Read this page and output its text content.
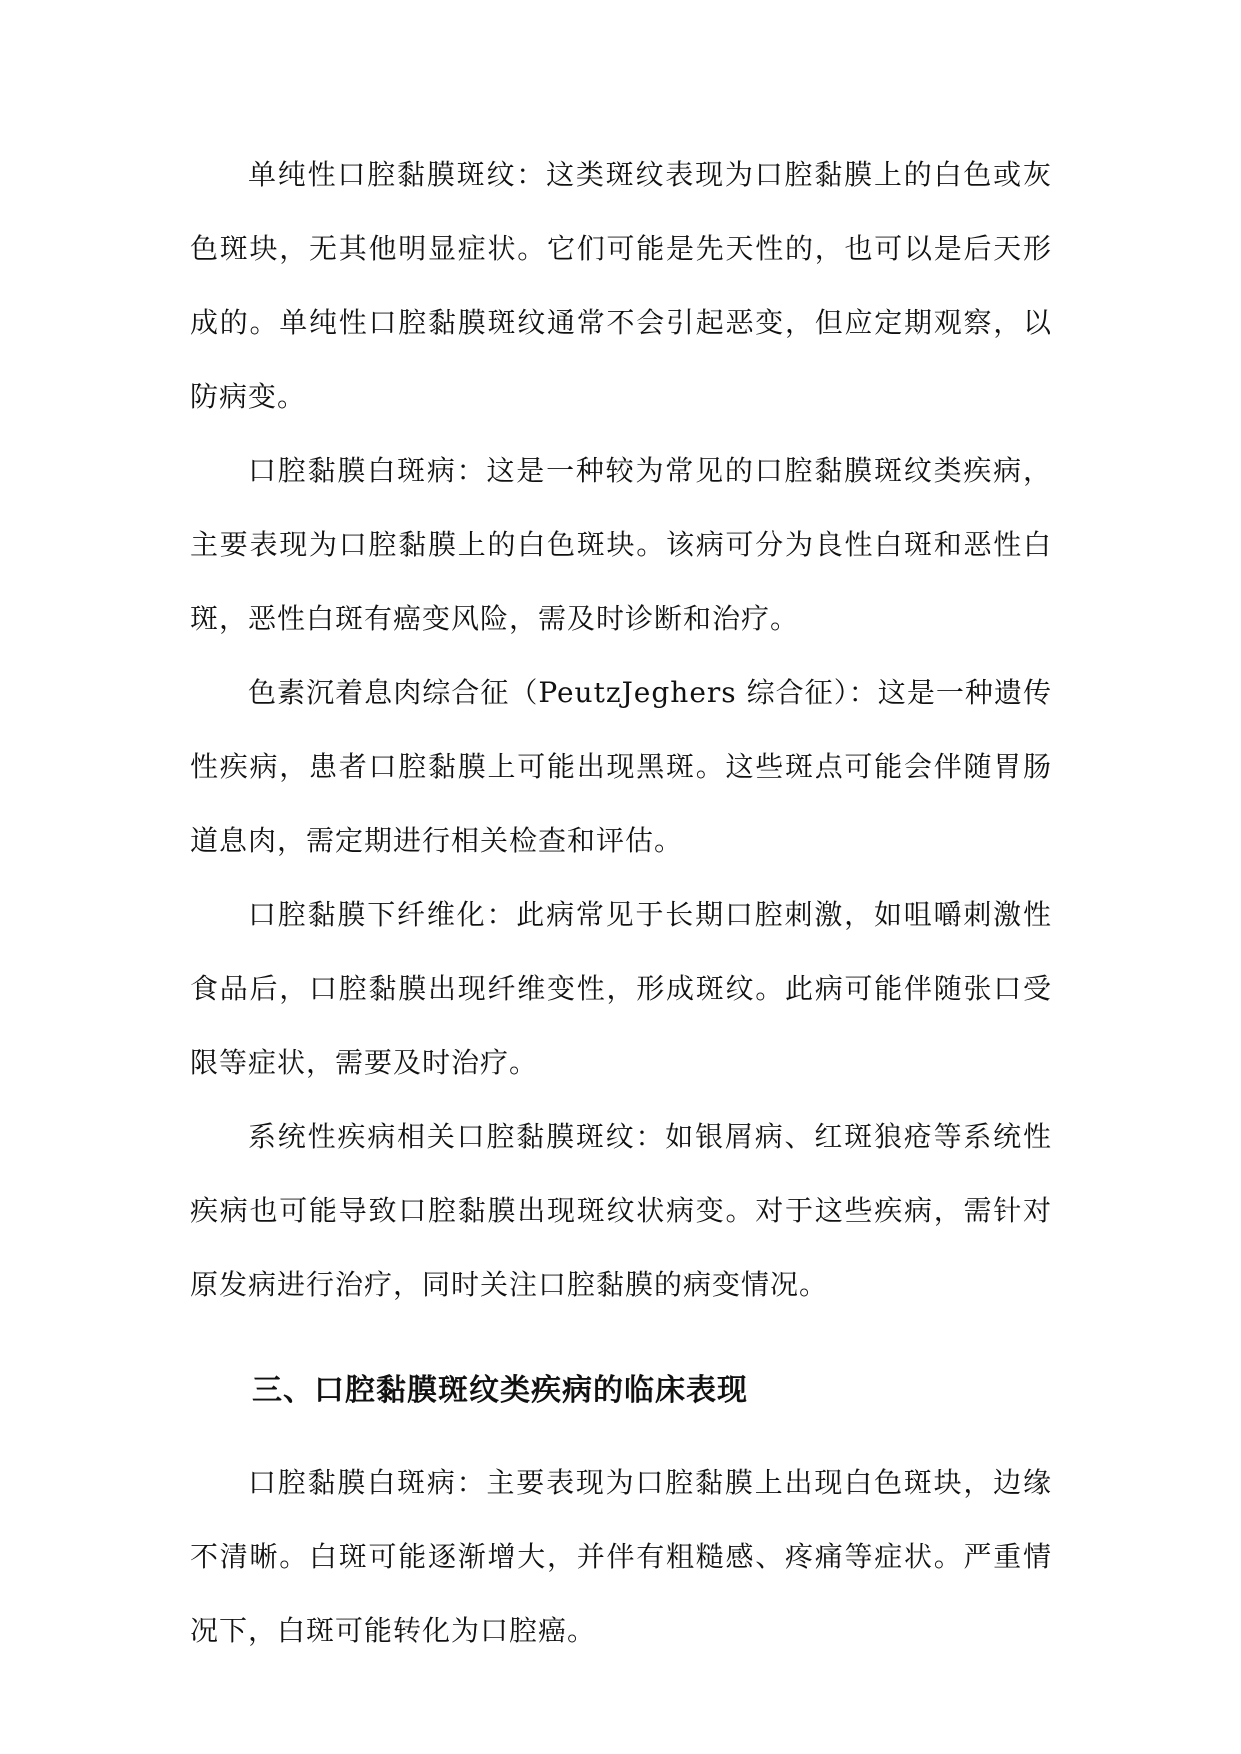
单纯性口腔黏膜斑纹：这类斑纹表现为口腔黏膜上的白色或灰色斑块，无其他明显症状。它们可能是先天性的，也可以是后天形成的。单纯性口腔黏膜斑纹通常不会引起恶变，但应定期观察，以防病变。

口腔黏膜白斑病：这是一种较为常见的口腔黏膜斑纹类疾病，主要表现为口腔黏膜上的白色斑块。该病可分为良性白斑和恶性白斑，恶性白斑有癌变风险，需及时诊断和治疗。

色素沉着息肉综合征（PeutzJeghers 综合征）：这是一种遗传性疾病，患者口腔黏膜上可能出现黑斑。这些斑点可能会伴随胃肠道息肉，需定期进行相关检查和评估。

口腔黏膜下纤维化：此病常见于长期口腔刺激，如咀嚼刺激性食品后，口腔黏膜出现纤维变性，形成斑纹。此病可能伴随张口受限等症状，需要及时治疗。

系统性疾病相关口腔黏膜斑纹：如银屑病、红斑狼疮等系统性疾病也可能导致口腔黏膜出现斑纹状病变。对于这些疾病，需针对原发病进行治疗，同时关注口腔黏膜的病变情况。

三、口腔黏膜斑纹类疾病的临床表现

口腔黏膜白斑病：主要表现为口腔黏膜上出现白色斑块，边缘不清晰。白斑可能逐渐增大，并伴有粗糙感、疼痛等症状。严重情况下，白斑可能转化为口腔癌。
